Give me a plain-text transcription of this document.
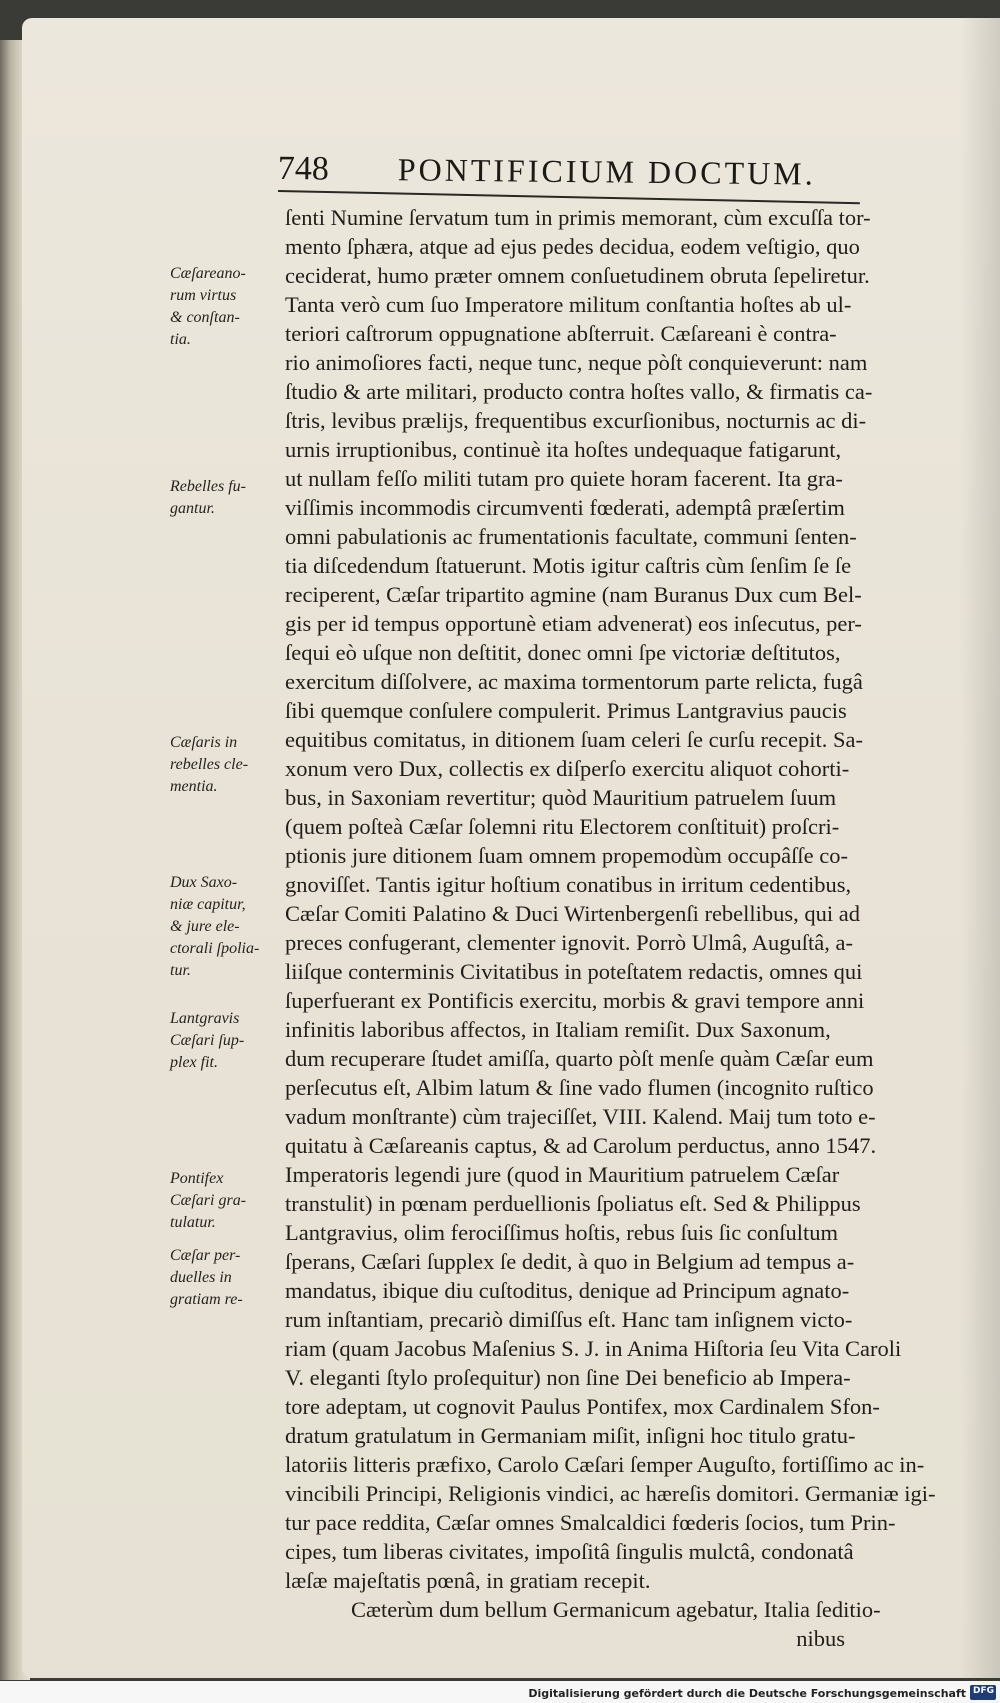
748 PONTIFICIUM DOCTUM.
ſenti Numine ſervatum tum in primis memorant, cùm excuſſa tor-
mento ſphæra, atque ad ejus pedes decidua, eodem veſtigio, quo
ceciderat, humo præter omnem conſuetudinem obruta ſepeliretur.
Tanta verò cum ſuo Imperatore militum conſtantia hoſtes ab ul-
teriori caſtrorum oppugnatione abſterruit. Cæſareani è contra-
rio animoſiores facti, neque tunc, neque pòſt conquieverunt: nam
ſtudio & arte militari, producto contra hoſtes vallo, & firmatis ca-
ſtris, levibus prælijs, frequentibus excurſionibus, nocturnis ac di-
urnis irruptionibus, continuè ita hoſtes undequaque fatigarunt,
ut nullam feſſo militi tutam pro quiete horam facerent. Ita gra-
viſſimis incommodis circumventi fœderati, ademptâ præſertim
omni pabulationis ac frumentationis facultate, communi ſenten-
tia diſcedendum ſtatuerunt. Motis igitur caſtris cùm ſenſim ſe ſe
reciperent, Cæſar tripartito agmine (nam Buranus Dux cum Bel-
gis per id tempus opportunè etiam advenerat) eos inſecutus, per-
ſequi eò uſque non deſtitit, donec omni ſpe victoriæ deſtitutos,
exercitum diſſolvere, ac maxima tormentorum parte relicta, fugâ
ſibi quemque conſulere compulerit. Primus Lantgravius paucis
equitibus comitatus, in ditionem ſuam celeri ſe curſu recepit. Sa-
xonum vero Dux, collectis ex diſperſo exercitu aliquot cohorti-
bus, in Saxoniam revertitur; quòd Mauritium patruelem ſuum
(quem poſteà Cæſar ſolemni ritu Electorem conſtituit) proſcri-
ptionis jure ditionem ſuam omnem propemodùm occupâſſe co-
gnoviſſet. Tantis igitur hoſtium conatibus in irritum cedentibus,
Cæſar Comiti Palatino & Duci Wirtenbergenſi rebellibus, qui ad
preces confugerant, clementer ignovit. Porrò Ulmâ, Auguſtâ, a-
liiſque conterminis Civitatibus in poteſtatem redactis, omnes qui
ſuperfuerant ex Pontificis exercitu, morbis & gravi tempore anni
infinitis laboribus affectos, in Italiam remiſit. Dux Saxonum,
dum recuperare ſtudet amiſſa, quarto pòſt menſe quàm Cæſar eum
perſecutus eſt, Albim latum & ſine vado flumen (incognito ruſtico
vadum monſtrante) cùm trajeciſſet, VIII. Kalend. Maij tum toto e-
quitatu à Cæſareanis captus, & ad Carolum perductus, anno 1547.
Imperatoris legendi jure (quod in Mauritium patruelem Cæſar
transtulit) in pœnam perduellionis ſpoliatus eſt. Sed & Philippus
Lantgravius, olim ferociſſimus hoſtis, rebus ſuis ſic conſultum
ſperans, Cæſari ſupplex ſe dedit, à quo in Belgium ad tempus a-
mandatus, ibique diu cuſtoditus, denique ad Principum agnato-
rum inſtantiam, precariò dimiſſus eſt. Hanc tam inſignem victo-
riam (quam Jacobus Maſenius S. J. in Anima Hiſtoria ſeu Vita Caroli
V. eleganti ſtylo proſequitur) non ſine Dei beneficio ab Impera-
tore adeptam, ut cognovit Paulus Pontifex, mox Cardinalem Sfon-
dratum gratulatum in Germaniam miſit, inſigni hoc titulo gratu-
latoriis litteris præfixo, Carolo Cæſari ſemper Auguſto, fortiſſimo ac in-
vincibili Principi, Religionis vindici, ac hæreſis domitori. Germaniæ igi-
tur pace reddita, Cæſar omnes Smalcaldici fœderis ſocios, tum Prin-
cipes, tum liberas civitates, impoſitâ ſingulis mulctâ, condonatâ
læſæ majeſtatis pœnâ, in gratiam recepit.
Cæterùm dum bellum Germanicum agebatur, Italia ſeditio-
nibus
Cæſareano-
rum virtus
& conſtan-
tia.
Rebelles fu-
gantur.
Cæſaris in
rebelles cle-
mentia.
Dux Saxo-
niæ capitur,
& jure ele-
ctorali ſpolia-
tur.
Lantgravis
Cæſari ſup-
plex fit.
Pontifex
Cæſari gra-
tulatur.
Cæſar per-
duelles in
gratiam re-
Digitalisierung gefördert durch die Deutsche Forschungsgemeinschaft DFG
